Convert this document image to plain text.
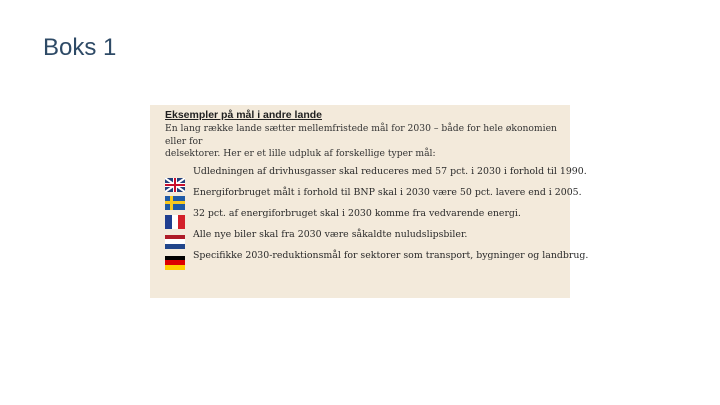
Boks 1
Eksempler på mål i andre lande
En lang række lande sætter mellemfristede mål for 2030 – både for hele økonomien eller for
delsektorer. Her er et lille udpluk af forskellige typer mål:
Udledningen af drivhusgasser skal reduceres med 57 pct. i 2030 i forhold til 1990.
Energiforbruget målt i forhold til BNP skal i 2030 være 50 pct. lavere end i 2005.
32 pct. af energiforbruget skal i 2030 komme fra vedvarende energi.
Alle nye biler skal fra 2030 være såkaldte nuludslipsbiler.
Specifikke 2030-reduktionsmål for sektorer som transport, bygninger og landbrug.
